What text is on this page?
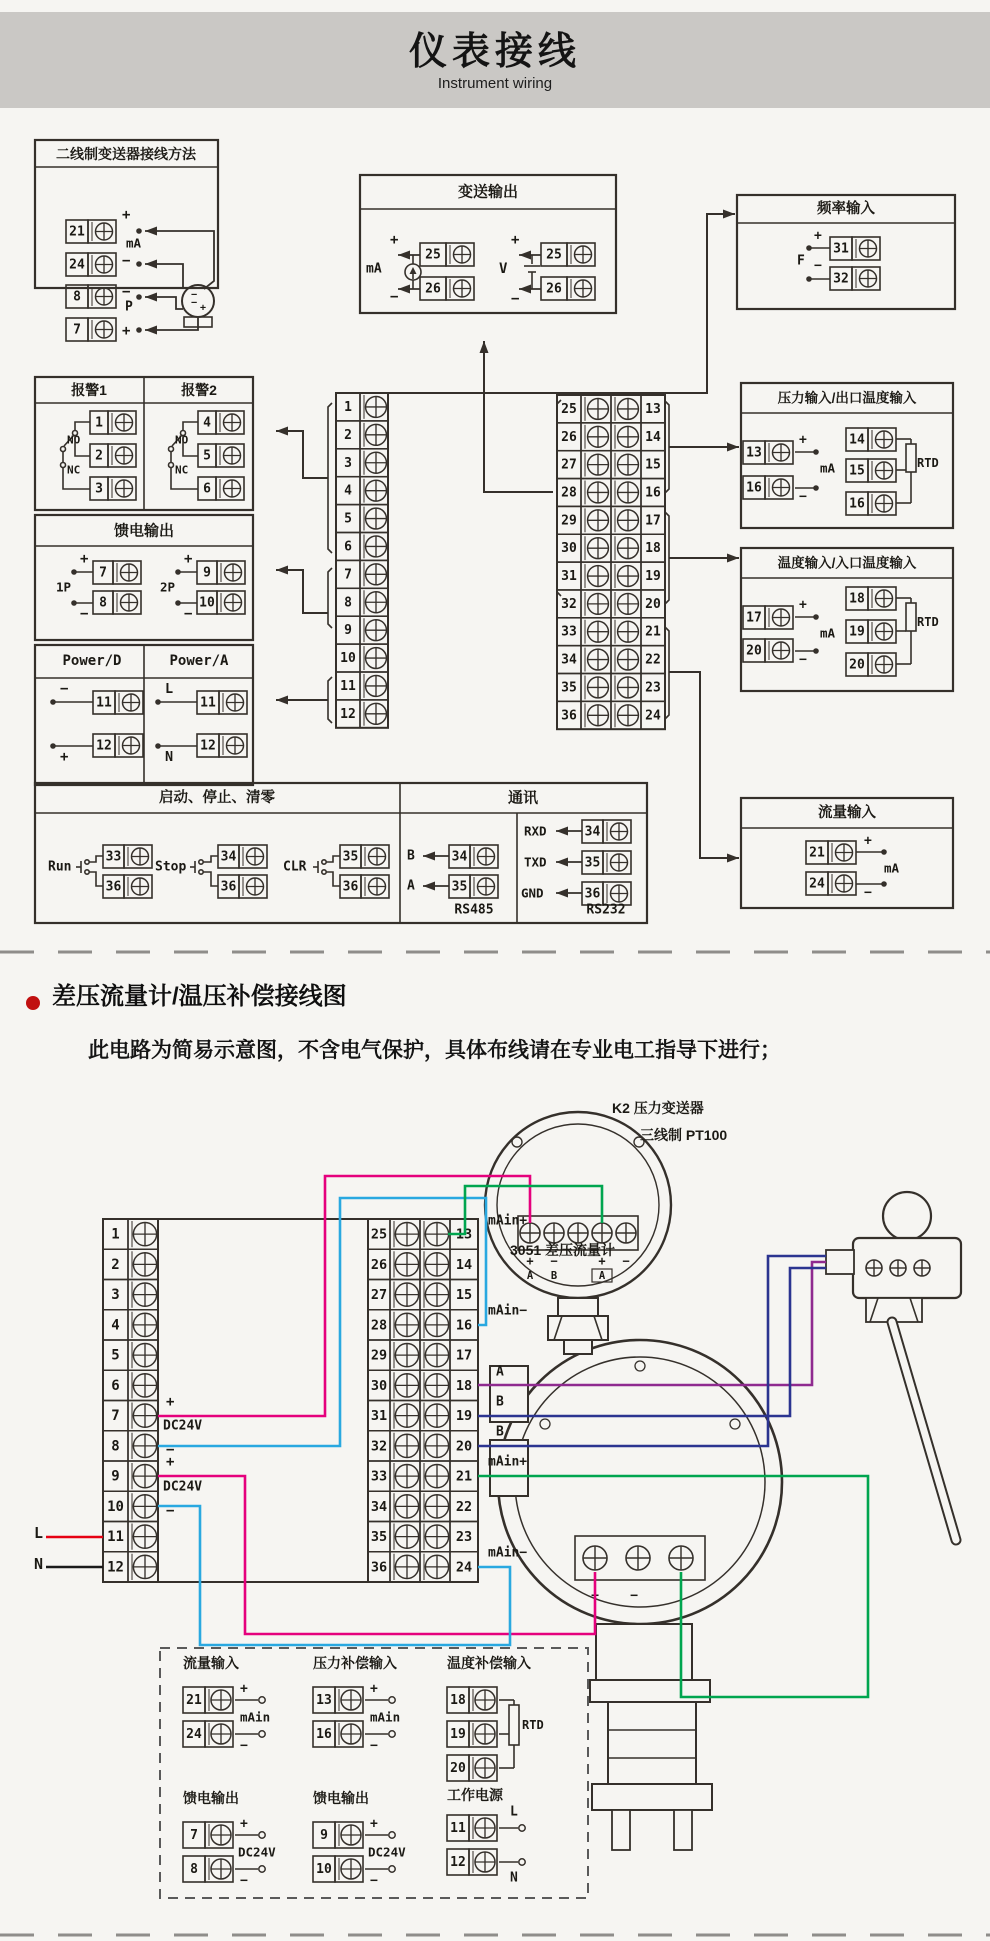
仪表接线
Instrument wiring
差压流量计/温压补偿接线图
此电路为简易示意图，不含电气保护，具体布线请在专业电工指导下进行；
二线制变送器接线方法
21
24
8
7
+
mA
−
−
P
+
−
− +
变送输出
25
26
+
−
mA
25
26
V
+
−
频率输入
31
32
+
−
F
压力输入/出口温度输入
13
16
+
mA
−
14
15
16
RTD
温度输入/入口温度输入
17
20
+
mA
−
18
19
20
RTD
流量输入
21
24
+
mA
−
报警1	报警2
1
2
3
NO
NC
4
5
6
NO
NC
馈电输出
7
8
+
1P
−
9
10
+
2P
−
Power/D	Power/A
11
12
−
+
11
12
L
N
启动、停止、清零	通讯
Run
33
36
Stop
34
36
CLR
35
36
B
A
34
35
RS485
RXD
TXD
GND
34
35
36
RS232
1
2
3
4
5
6
7
8
9
10
11
12
25	13
26	14
27	15
28	16
29	17
30	18
31	19
32	20
33	21
34	22
35	23
36	24
+ −
+ −	+ −
A B	A
K2 压力变送器
三线制 PT100
3051 差压流量计
1
2
3
4
5
6
7
8
9
10
11
12
25	13
26	14
27	15
28	16
29	17
30	18
31	19
32	20
33	21
34	22
35	23
36	24
+
DC24V
−
+
DC24V
−
L
N
mAin+
mAin−
A
B
B
mAin+
mAin−
流量输入	压力补偿输入	温度补偿输入
21
24
+
mAin
−
13
16
+
mAin
−
18
19
20
RTD
馈电输出	馈电输出	工作电源
7
8
+
DC24V
−
9
10
+
DC24V
−
11
12
L
N
